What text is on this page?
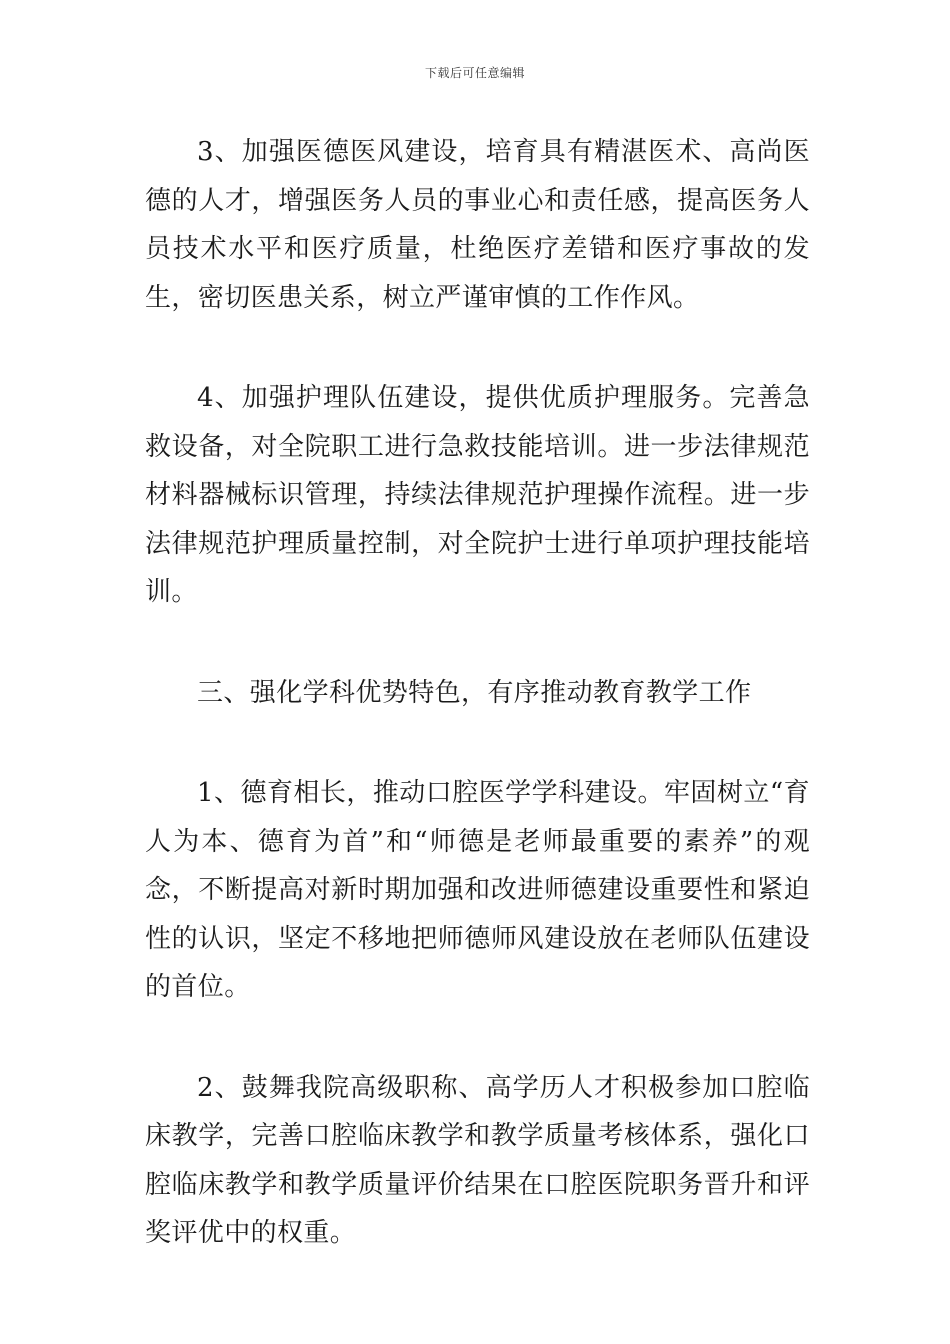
下载后可任意编辑

3、加强医德医风建设，培育具有精湛医术、高尚医德的人才，增强医务人员的事业心和责任感，提高医务人员技术水平和医疗质量，杜绝医疗差错和医疗事故的发生，密切医患关系，树立严谨审慎的工作作风。

4、加强护理队伍建设，提供优质护理服务。完善急救设备，对全院职工进行急救技能培训。进一步法律规范材料器械标识管理，持续法律规范护理操作流程。进一步法律规范护理质量控制，对全院护士进行单项护理技能培训。

三、强化学科优势特色，有序推动教育教学工作

1、德育相长，推动口腔医学学科建设。牢固树立“育人为本、德育为首”和“师德是老师最重要的素养”的观念，不断提高对新时期加强和改进师德建设重要性和紧迫性的认识，坚定不移地把师德师风建设放在老师队伍建设的首位。

2、鼓舞我院高级职称、高学历人才积极参加口腔临床教学，完善口腔临床教学和教学质量考核体系，强化口腔临床教学和教学质量评价结果在口腔医院职务晋升和评奖评优中的权重。
